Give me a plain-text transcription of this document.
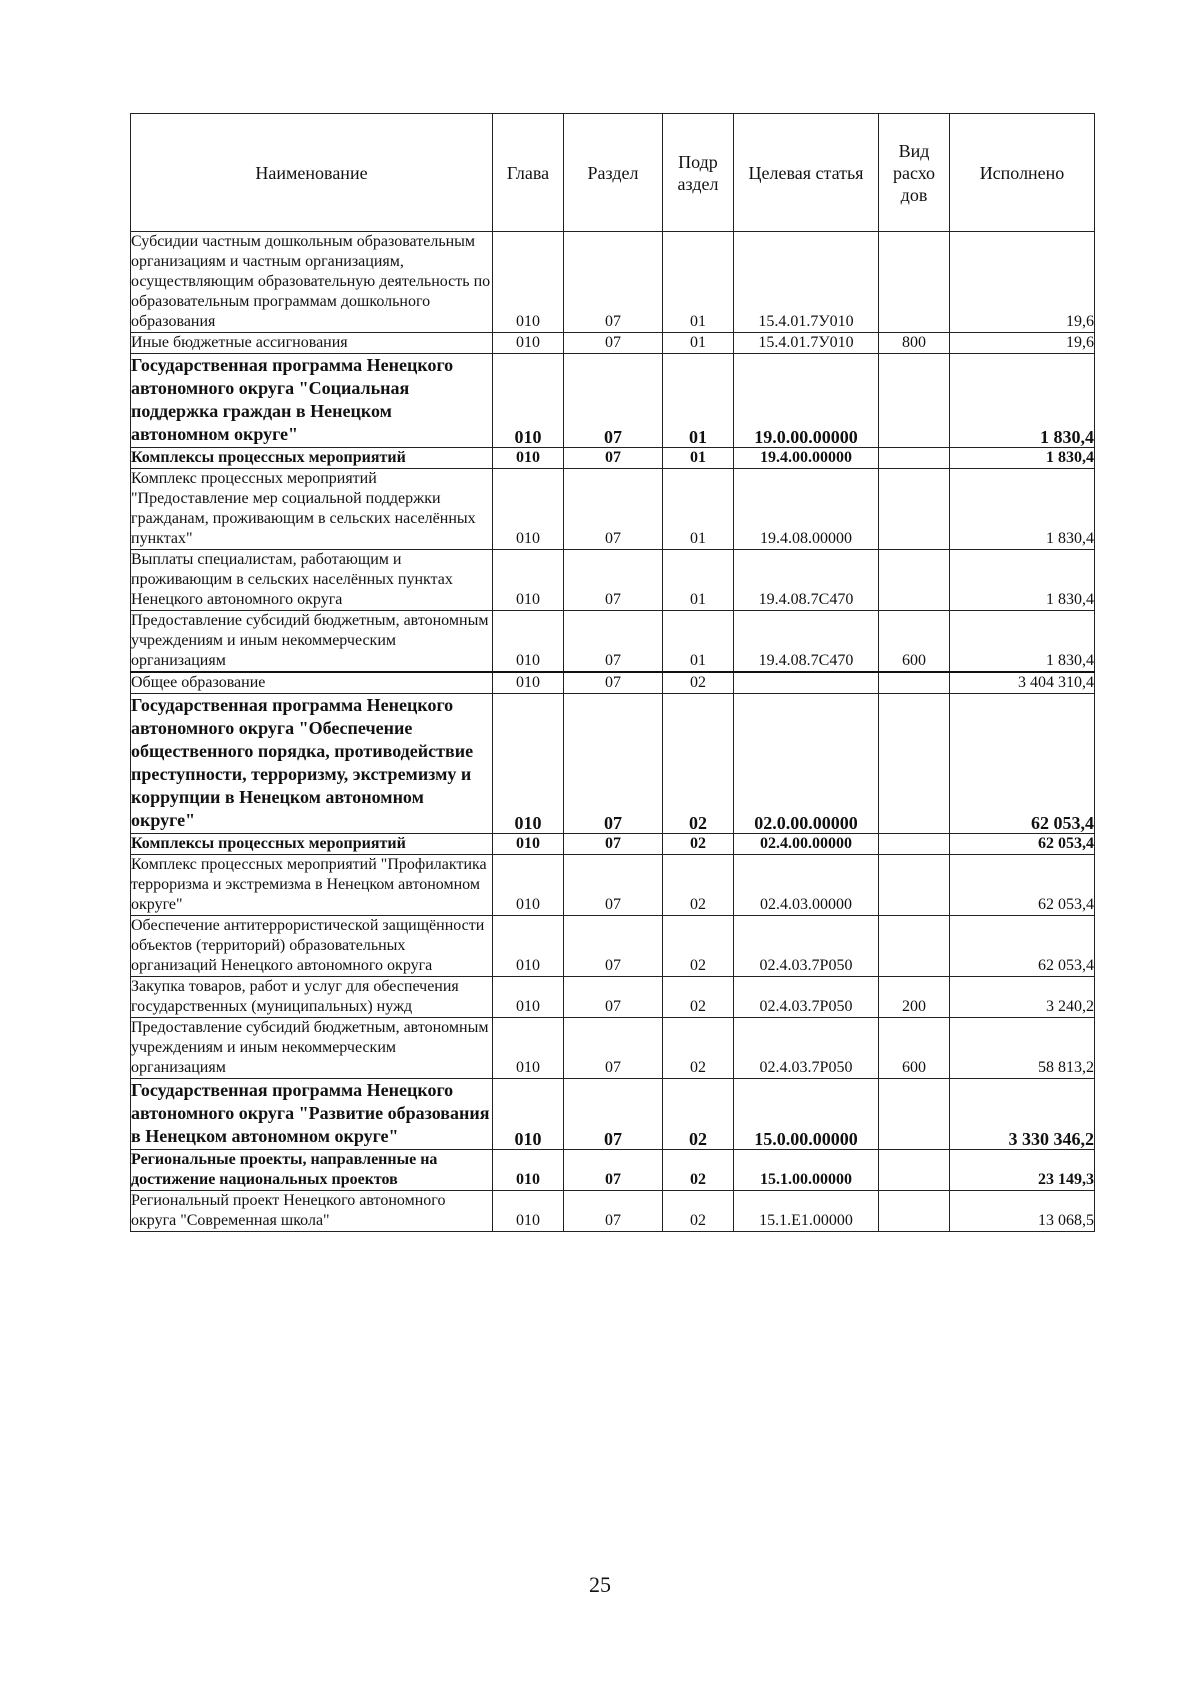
Наименование	Глава	Раздел	Подр аздел	Целевая статья	Вид расхо дов	Исполнено
Субсидии частным дошкольным образовательным организациям и частным организациям, осуществляющим образовательную деятельность по образовательным программам дошкольного образования	010	07	01	15.4.01.7У010		19,6
Иные бюджетные ассигнования	010	07	01	15.4.01.7У010	800	19,6
Государственная программа Ненецкого автономного округа "Социальная поддержка граждан в Ненецком автономном округе"	010	07	01	19.0.00.00000		1 830,4
Комплексы процессных мероприятий	010	07	01	19.4.00.00000		1 830,4
Комплекс процессных мероприятий "Предоставление мер социальной поддержки гражданам, проживающим в сельских населённых пунктах"	010	07	01	19.4.08.00000		1 830,4
Выплаты специалистам, работающим и проживающим в сельских населённых пунктах Ненецкого автономного округа	010	07	01	19.4.08.7С470		1 830,4
Предоставление субсидий бюджетным, автономным учреждениям и иным некоммерческим организациям	010	07	01	19.4.08.7С470	600	1 830,4
Общее образование	010	07	02			3 404 310,4
Государственная программа Ненецкого автономного округа "Обеспечение общественного порядка, противодействие преступности, терроризму, экстремизму и коррупции в Ненецком автономном округе"	010	07	02	02.0.00.00000		62 053,4
Комплексы процессных мероприятий	010	07	02	02.4.00.00000		62 053,4
Комплекс процессных мероприятий "Профилактика терроризма и экстремизма в Ненецком автономном округе"	010	07	02	02.4.03.00000		62 053,4
Обеспечение антитеррористической защищённости объектов (территорий) образовательных организаций Ненецкого автономного округа	010	07	02	02.4.03.7Р050		62 053,4
Закупка товаров, работ и услуг для обеспечения государственных (муниципальных) нужд	010	07	02	02.4.03.7Р050	200	3 240,2
Предоставление субсидий бюджетным, автономным учреждениям и иным некоммерческим организациям	010	07	02	02.4.03.7Р050	600	58 813,2
Государственная программа Ненецкого автономного округа "Развитие образования в Ненецком автономном округе"	010	07	02	15.0.00.00000		3 330 346,2
Региональные проекты, направленные на достижение национальных проектов	010	07	02	15.1.00.00000		23 149,3
Региональный проект Ненецкого автономного округа "Современная школа"	010	07	02	15.1.Е1.00000		13 068,5
25
